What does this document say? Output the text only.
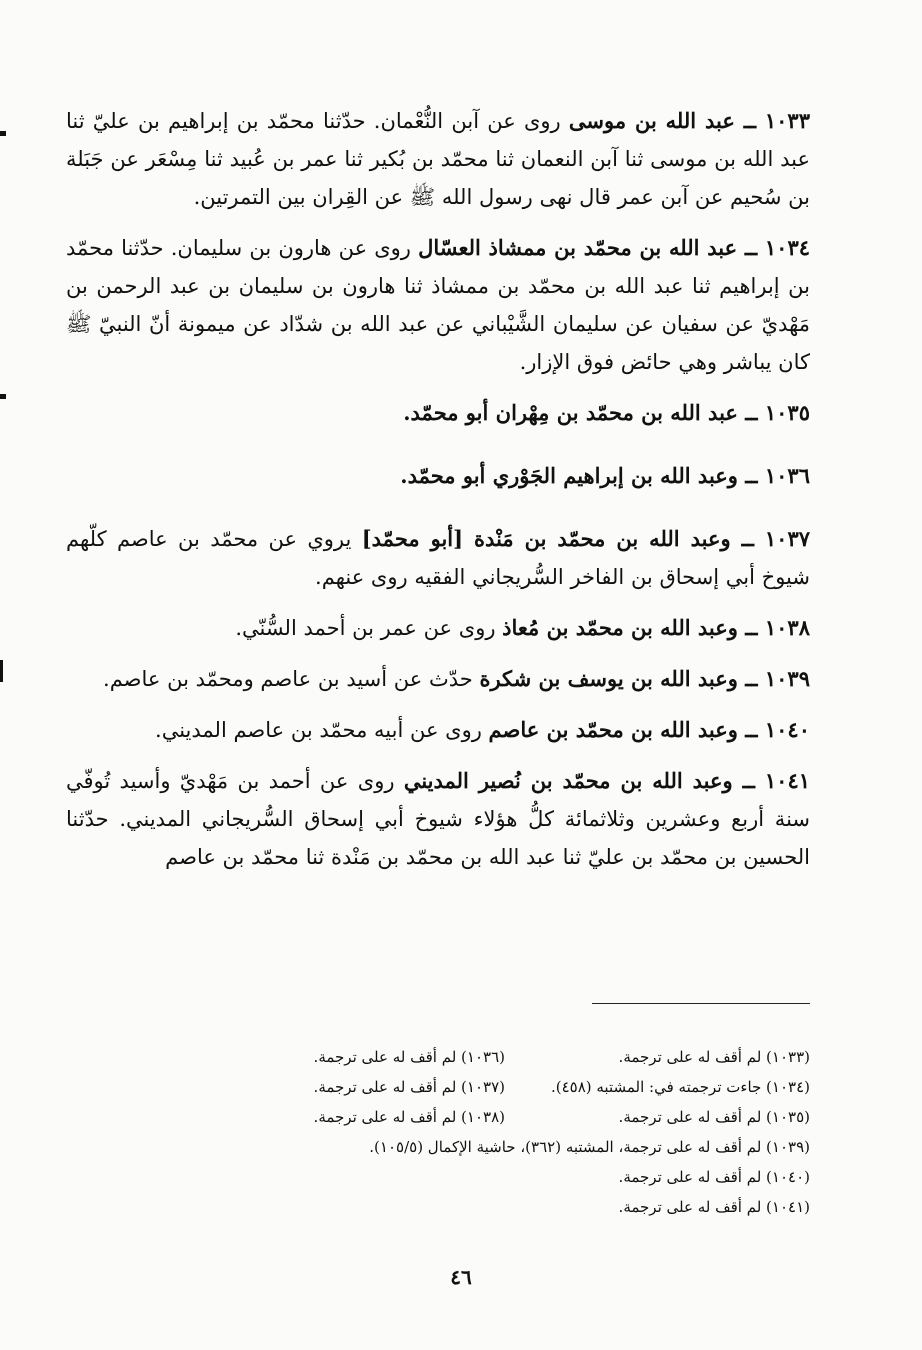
١٠٣٣ ــ عبد الله بن موسى روى عن آبن النُّعْمان. حدّثنا محمّد بن إبراهيم بن عليّ ثنا عبد الله بن موسى ثنا آبن النعمان ثنا محمّد بن بُكير ثنا عمر بن عُبيد ثنا مِسْعَر عن جَبَلة بن سُحيم عن آبن عمر قال نهى رسول الله ﷺ عن القِران بين التمرتين.

١٠٣٤ ــ عبد الله بن محمّد بن ممشاذ العسّال روى عن هارون بن سليمان. حدّثنا محمّد بن إبراهيم ثنا عبد الله بن محمّد بن ممشاذ ثنا هارون بن سليمان بن عبد الرحمن بن مَهْديّ عن سفيان عن سليمان الشَّيْباني عن عبد الله بن شدّاد عن ميمونة أنّ النبيّ ﷺ كان يباشر وهي حائض فوق الإزار.

١٠٣٥ ــ عبد الله بن محمّد بن مِهْران أبو محمّد.

١٠٣٦ ــ وعبد الله بن إبراهيم الجَوْري أبو محمّد.

١٠٣٧ ــ وعبد الله بن محمّد بن مَنْدة [أبو محمّد] يروي عن محمّد بن عاصم كلّهم شيوخ أبي إسحاق بن الفاخر السُّريجاني الفقيه روى عنهم.

١٠٣٨ ــ وعبد الله بن محمّد بن مُعاذ روى عن عمر بن أحمد السُّنّي.

١٠٣٩ ــ وعبد الله بن يوسف بن شكرة حدّث عن أسيد بن عاصم ومحمّد بن عاصم.

١٠٤٠ ــ وعبد الله بن محمّد بن عاصم روى عن أبيه محمّد بن عاصم المديني.

١٠٤١ ــ وعبد الله بن محمّد بن نُصير المديني روى عن أحمد بن مَهْديّ وأسيد تُوفّي سنة أربع وعشرين وثلاثمائة كلُّ هؤلاء شيوخ أبي إسحاق السُّريجاني المديني. حدّثنا الحسين بن محمّد بن عليّ ثنا عبد الله بن محمّد بن مَنْدة ثنا محمّد بن عاصم

(١٠٣٣) لم أقف له على ترجمة.
(١٠٣٦) لم أقف له على ترجمة.
(١٠٣٤) جاءت ترجمته في: المشتبه (٤٥٨).
(١٠٣٧) لم أقف له على ترجمة.
(١٠٣٥) لم أقف له على ترجمة.
(١٠٣٨) لم أقف له على ترجمة.
(١٠٣٩) لم أقف له على ترجمة، المشتبه (٣٦٢)، حاشية الإكمال (١٠٥/٥).
(١٠٤٠) لم أقف له على ترجمة.
(١٠٤١) لم أقف له على ترجمة.
٤٦
